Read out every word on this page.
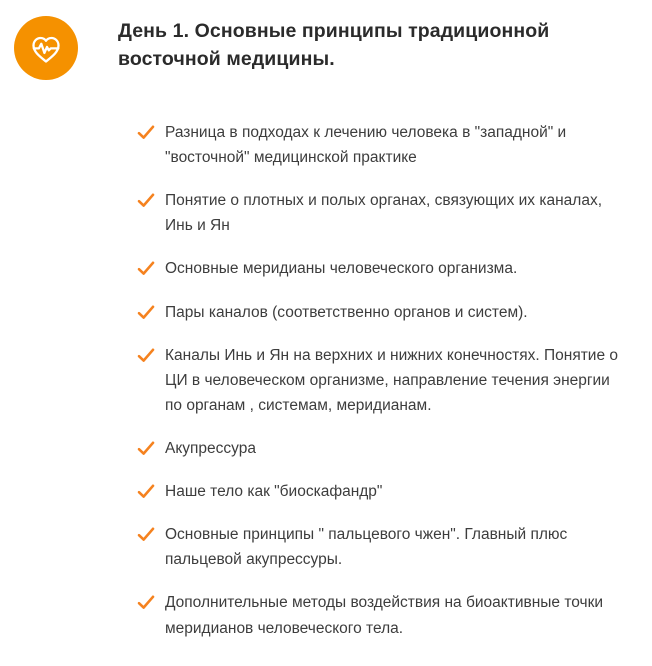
День 1. Основные принципы традиционной восточной медицины.
Разница в подходах к лечению человека в "западной" и "восточной" медицинской практике
Понятие о плотных и полых органах, связующих их каналах, Инь и Ян
Основные меридианы человеческого организма.
Пары каналов (соответственно органов и систем).
Каналы Инь и Ян на верхних и нижних конечностях. Понятие о ЦИ в человеческом организме, направление течения энергии по органам , системам, меридианам.
Акупрессура
Наше тело как "биоскафандр"
Основные принципы " пальцевого чжен". Главный плюс пальцевой акупрессуры.
Дополнительные методы воздействия на биоактивные точки меридианов человеческого тела.
